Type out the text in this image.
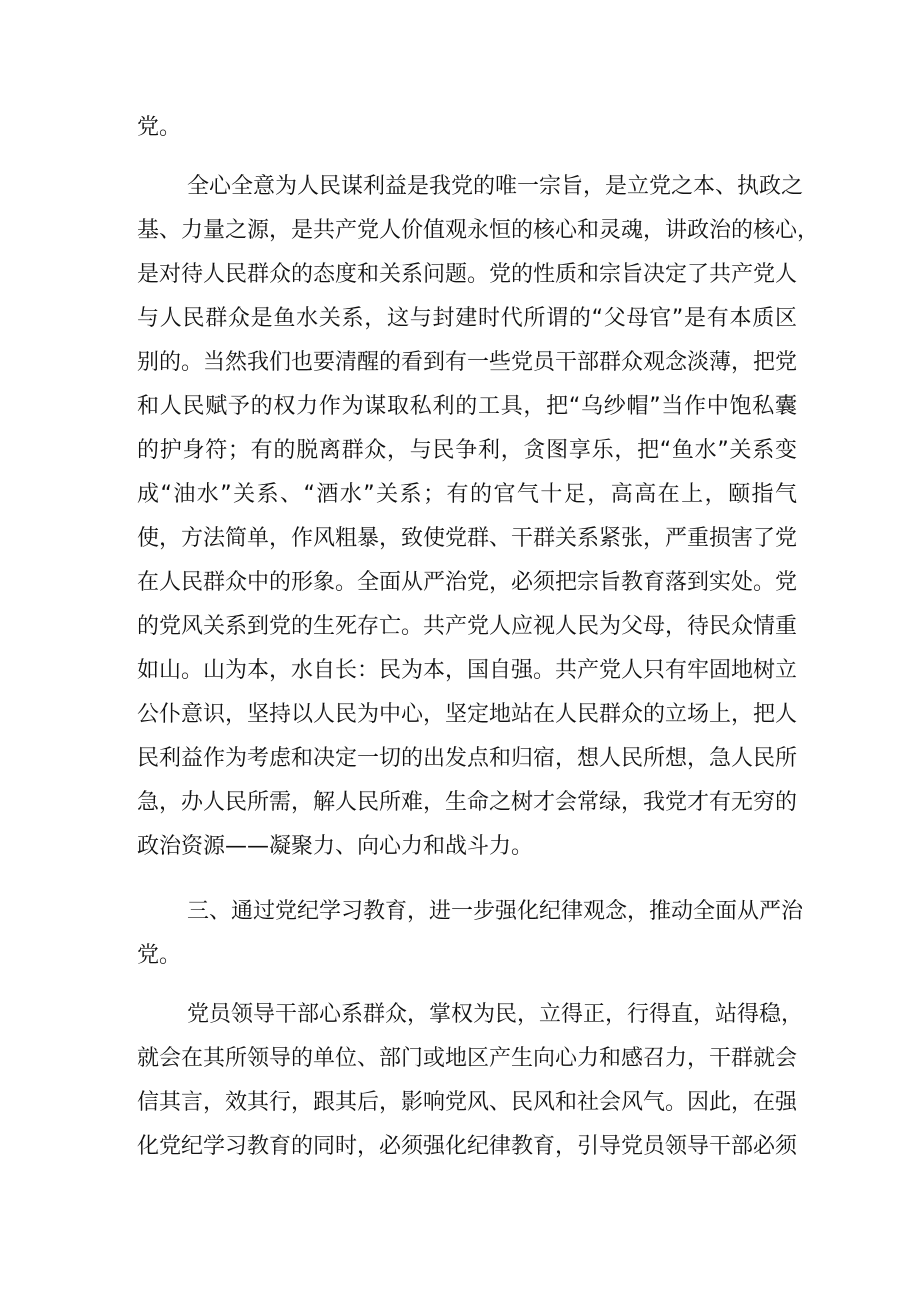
党。
全心全意为人民谋利益是我党的唯一宗旨，是立党之本、执政之
基、力量之源，是共产党人价值观永恒的核心和灵魂，讲政治的核心，
是对待人民群众的态度和关系问题。党的性质和宗旨决定了共产党人
与人民群众是鱼水关系，这与封建时代所谓的“父母官”是有本质区
别的。当然我们也要清醒的看到有一些党员干部群众观念淡薄，把党
和人民赋予的权力作为谋取私利的工具，把“乌纱帽”当作中饱私囊
的护身符；有的脱离群众，与民争利，贪图享乐，把“鱼水”关系变
成“油水”关系、“酒水”关系；有的官气十足，高高在上，颐指气
使，方法简单，作风粗暴，致使党群、干群关系紧张，严重损害了党
在人民群众中的形象。全面从严治党，必须把宗旨教育落到实处。党
的党风关系到党的生死存亡。共产党人应视人民为父母，待民众情重
如山。山为本，水自长：民为本，国自强。共产党人只有牢固地树立
公仆意识，坚持以人民为中心，坚定地站在人民群众的立场上，把人
民利益作为考虑和决定一切的出发点和归宿，想人民所想，急人民所
急，办人民所需，解人民所难，生命之树才会常绿，我党才有无穷的
政治资源——凝聚力、向心力和战斗力。
三、通过党纪学习教育，进一步强化纪律观念，推动全面从严治
党。
党员领导干部心系群众，掌权为民，立得正，行得直，站得稳，
就会在其所领导的单位、部门或地区产生向心力和感召力，干群就会
信其言，效其行，跟其后，影响党风、民风和社会风气。因此，在强
化党纪学习教育的同时，必须强化纪律教育，引导党员领导干部必须
